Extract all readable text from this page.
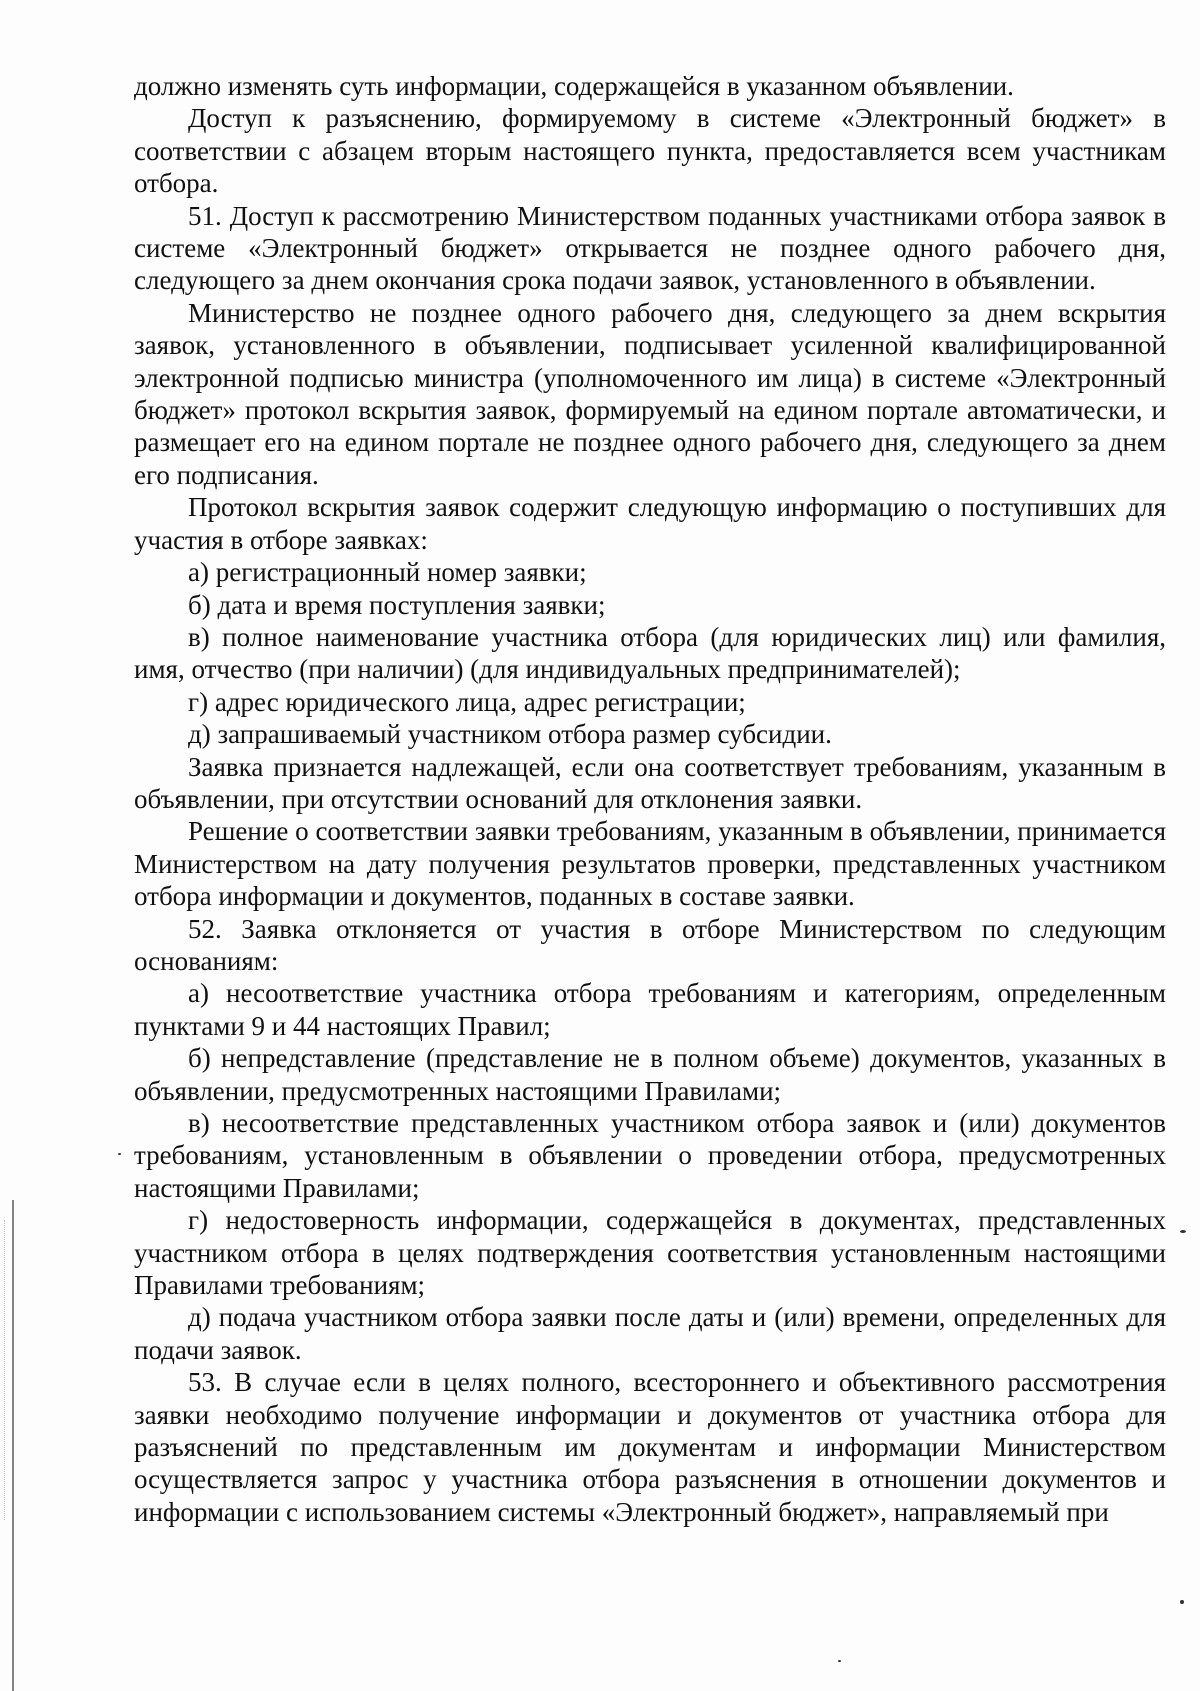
должно изменять суть информации, содержащейся в указанном объявлении.

Доступ к разъяснению, формируемому в системе «Электронный бюджет» в соответствии с абзацем вторым настоящего пункта, предоставляется всем участникам отбора.

51. Доступ к рассмотрению Министерством поданных участниками отбора заявок в системе «Электронный бюджет» открывается не позднее одного рабочего дня, следующего за днем окончания срока подачи заявок, установленного в объявлении.

Министерство не позднее одного рабочего дня, следующего за днем вскрытия заявок, установленного в объявлении, подписывает усиленной квалифицированной электронной подписью министра (уполномоченного им лица) в системе «Электронный бюджет» протокол вскрытия заявок, формируемый на едином портале автоматически, и размещает его на едином портале не позднее одного рабочего дня, следующего за днем его подписания.

Протокол вскрытия заявок содержит следующую информацию о поступивших для участия в отборе заявках:

а) регистрационный номер заявки;

б) дата и время поступления заявки;

в) полное наименование участника отбора (для юридических лиц) или фамилия, имя, отчество (при наличии) (для индивидуальных предпринимателей);

г) адрес юридического лица, адрес регистрации;

д) запрашиваемый участником отбора размер субсидии.

Заявка признается надлежащей, если она соответствует требованиям, указанным в объявлении, при отсутствии оснований для отклонения заявки.

Решение о соответствии заявки требованиям, указанным в объявлении, принимается Министерством на дату получения результатов проверки, представленных участником отбора информации и документов, поданных в составе заявки.

52. Заявка отклоняется от участия в отборе Министерством по следующим основаниям:

а) несоответствие участника отбора требованиям и категориям, определенным пунктами 9 и 44 настоящих Правил;

б) непредставление (представление не в полном объеме) документов, указанных в объявлении, предусмотренных настоящими Правилами;

в) несоответствие представленных участником отбора заявок и (или) документов требованиям, установленным в объявлении о проведении отбора, предусмотренных настоящими Правилами;

г) недостоверность информации, содержащейся в документах, представленных участником отбора в целях подтверждения соответствия установленным настоящими Правилами требованиям;

д) подача участником отбора заявки после даты и (или) времени, определенных для подачи заявок.

53. В случае если в целях полного, всестороннего и объективного рассмотрения заявки необходимо получение информации и документов от участника отбора для разъяснений по представленным им документам и информации Министерством осуществляется запрос у участника отбора разъяснения в отношении документов и информации с использованием системы «Электронный бюджет», направляемый при
